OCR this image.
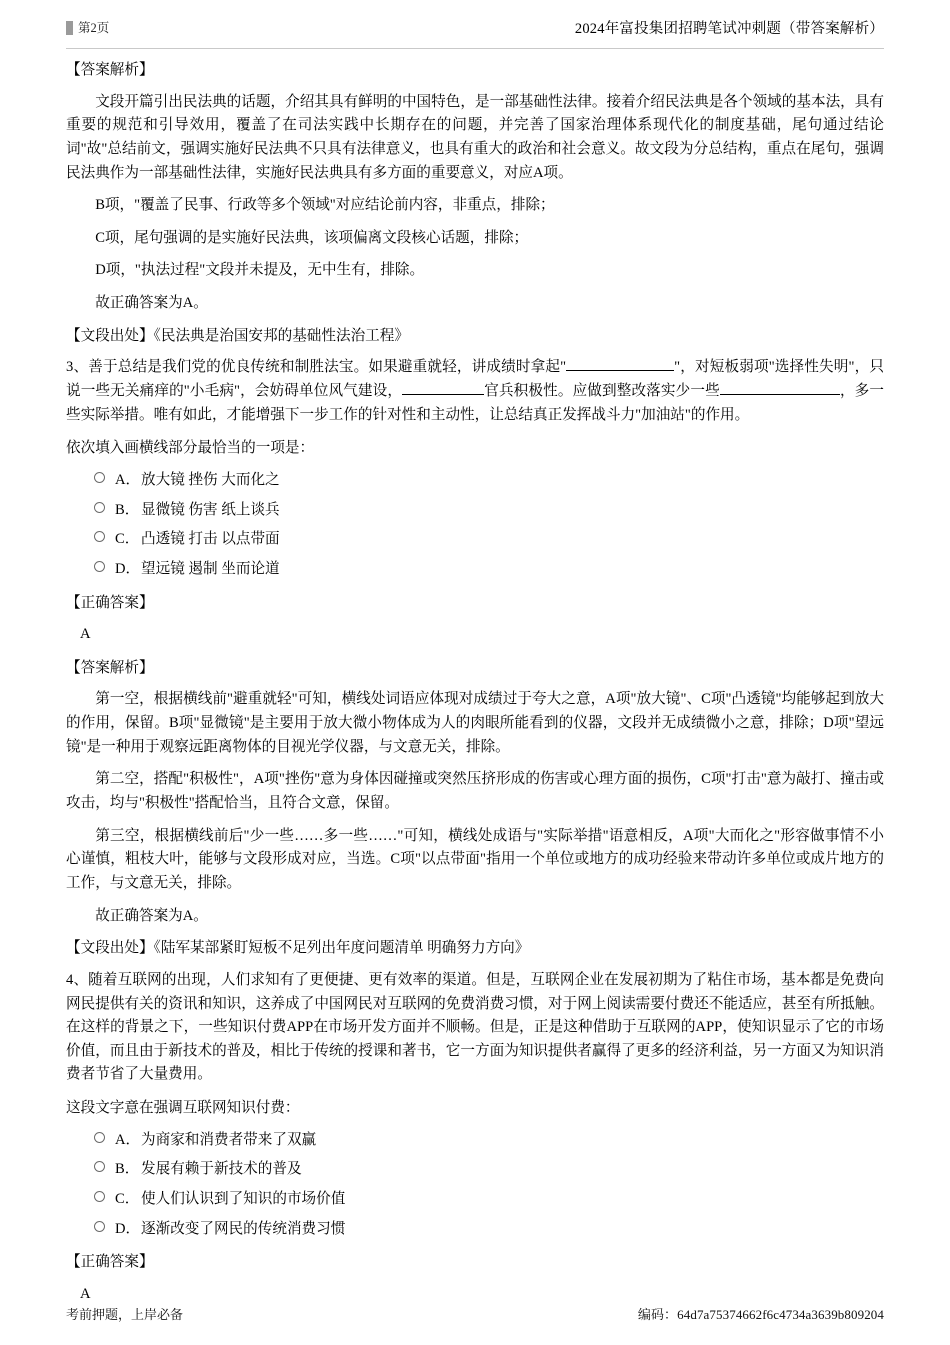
第2页	2024年富投集团招聘笔试冲刺题（带答案解析）
【答案解析】

文段开篇引出民法典的话题，介绍其具有鲜明的中国特色，是一部基础性法律。接着介绍民法典是各个领域的基本法，具有重要的规范和引导效用，覆盖了在司法实践中长期存在的问题，并完善了国家治理体系现代化的制度基础，尾句通过结论词"故"总结前文，强调实施好民法典不只具有法律意义，也具有重大的政治和社会意义。故文段为分总结构，重点在尾句，强调民法典作为一部基础性法律，实施好民法典具有多方面的重要意义，对应A项。

B项，"覆盖了民事、行政等多个领域"对应结论前内容，非重点，排除；

C项，尾句强调的是实施好民法典，该项偏离文段核心话题，排除；

D项，"执法过程"文段并未提及，无中生有，排除。

故正确答案为A。

【文段出处】《民法典是治国安邦的基础性法治工程》

3、善于总结是我们党的优良传统和制胜法宝。如果避重就轻，讲成绩时拿起"	"，对短板弱项"选择性失明"，只说一些无关痛痒的"小毛病"，会妨碍单位风气建设，	官兵积极性。应做到整改落实少一些	，多一些实际举措。唯有如此，才能增强下一步工作的针对性和主动性，让总结真正发挥战斗力"加油站"的作用。

依次填入画横线部分最恰当的一项是：

A． 放大镜 挫伤 大而化之
B． 显微镜 伤害 纸上谈兵
C． 凸透镜 打击 以点带面
D． 望远镜 遏制 坐而论道
【正确答案】
A
【答案解析】

第一空，根据横线前"避重就轻"可知，横线处词语应体现对成绩过于夸大之意，A项"放大镜"、C项"凸透镜"均能够起到放大的作用，保留。B项"显微镜"是主要用于放大微小物体成为人的肉眼所能看到的仪器，文段并无成绩微小之意，排除；D项"望远镜"是一种用于观察远距离物体的目视光学仪器，与文意无关，排除。

第二空，搭配"积极性"，A项"挫伤"意为身体因碰撞或突然压挤形成的伤害或心理方面的损伤，C项"打击"意为敲打、撞击或攻击，均与"积极性"搭配恰当，且符合文意，保留。

第三空，根据横线前后"少一些……多一些……"可知，横线处成语与"实际举措"语意相反，A项"大而化之"形容做事情不小心谨慎，粗枝大叶，能够与文段形成对应，当选。C项"以点带面"指用一个单位或地方的成功经验来带动许多单位或成片地方的工作，与文意无关，排除。

故正确答案为A。

【文段出处】《陆军某部紧盯短板不足列出年度问题清单 明确努力方向》

4、随着互联网的出现，人们求知有了更便捷、更有效率的渠道。但是，互联网企业在发展初期为了粘住市场，基本都是免费向网民提供有关的资讯和知识，这养成了中国网民对互联网的免费消费习惯，对于网上阅读需要付费还不能适应，甚至有所抵触。在这样的背景之下，一些知识付费APP在市场开发方面并不顺畅。但是，正是这种借助于互联网的APP，使知识显示了它的市场价值，而且由于新技术的普及，相比于传统的授课和著书，它一方面为知识提供者赢得了更多的经济利益，另一方面又为知识消费者节省了大量费用。

这段文字意在强调互联网知识付费：

A． 为商家和消费者带来了双赢
B． 发展有赖于新技术的普及
C． 使人们认识到了知识的市场价值
D． 逐渐改变了网民的传统消费习惯
【正确答案】
A
考前押题，上岸必备	编码：64d7a75374662f6c4734a3639b809204
